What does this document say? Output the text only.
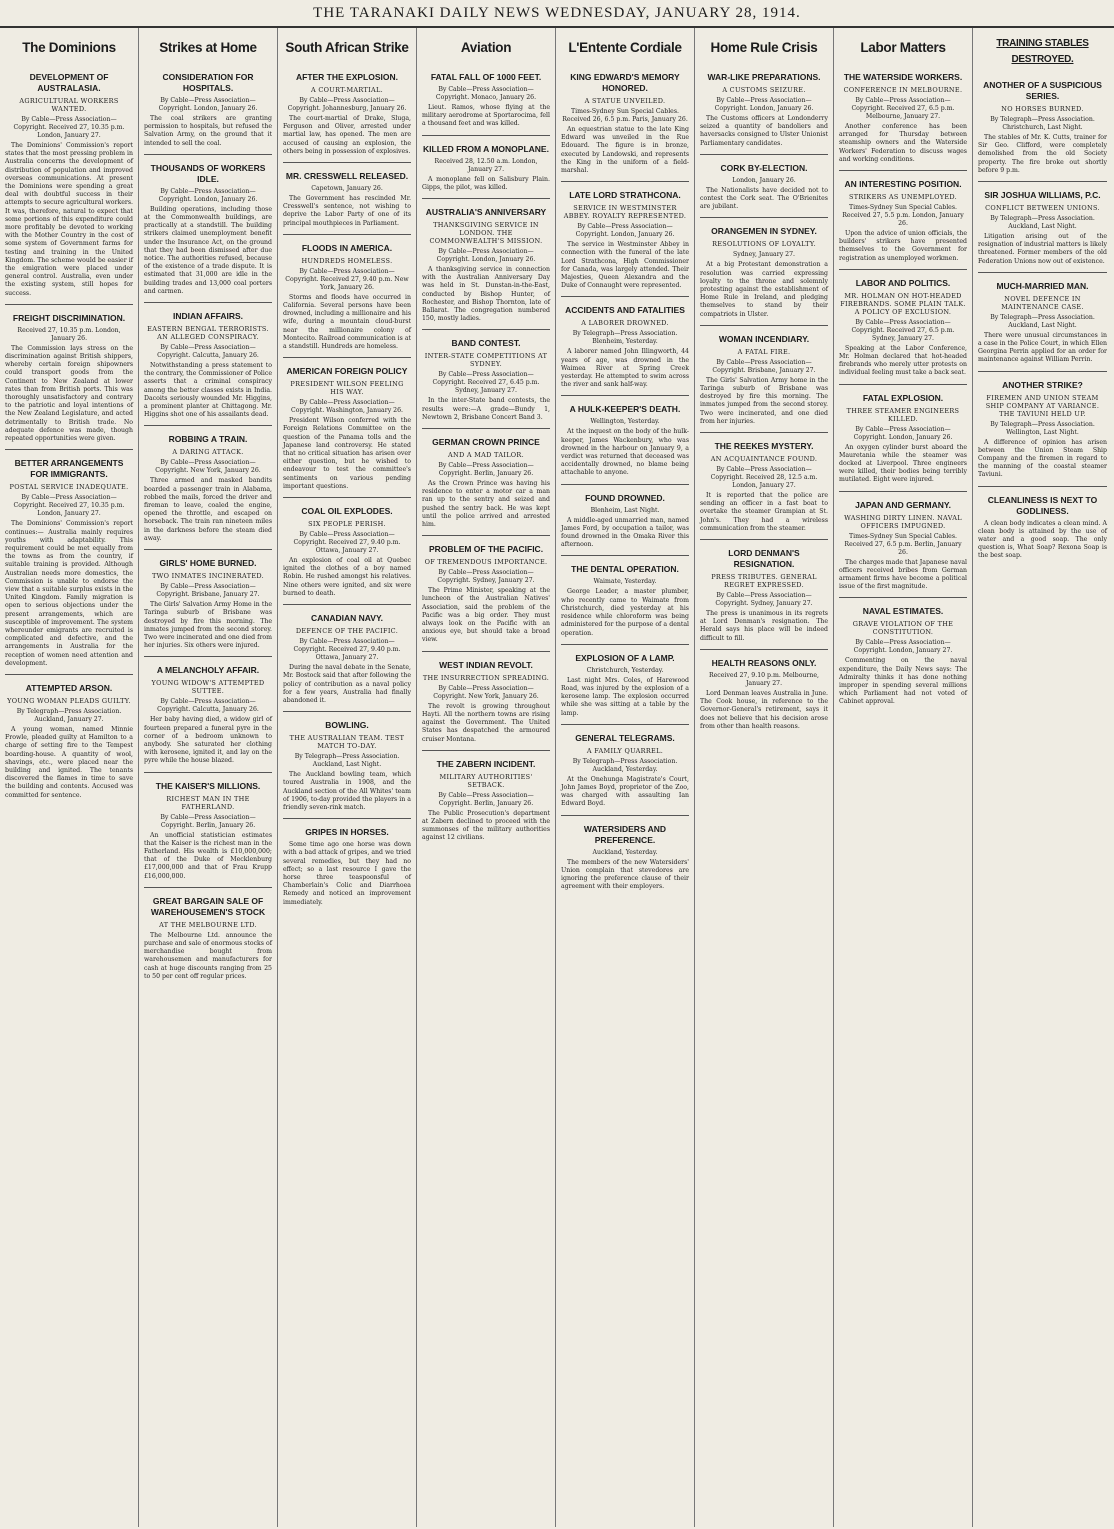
THE TARANAKI DAILY NEWS WEDNESDAY, JANUARY 28, 1914.
The Dominions
DEVELOPMENT OF AUSTRALASIA.
AGRICULTURAL WORKERS WANTED.
By Cable—Press Association—Copyright. Received 27, 10.35 p.m. London, January 27.
The Dominions' Commission's report states that the most pressing problem in Australia concerns the development of distribution of population and improved overseas communications. At present the Dominions were spending a great deal with doubtful success in their attempts to secure agricultural workers. It was, therefore, natural to expect that some portions of this expenditure could more profitably be devoted to working with the Mother Country in the cost of some system of Government farms for testing and training in the United Kingdom. The scheme would be easier if the emigration were placed under general control. Australia, even under the existing system, still hopes for success.
FREIGHT DISCRIMINATION.
Received 27, 10.35 p.m. London, January 26.
The Commission lays stress on the discrimination against British shippers, whereby certain foreign shipowners could transport goods from the Continent to New Zealand at lower rates than from British ports. This was thoroughly unsatisfactory and contrary to the patriotic and loyal intentions of the New Zealand Legislature, and acted detrimentally to British trade. No adequate defence was made, though repeated opportunities were given.
BETTER ARRANGEMENTS FOR IMMIGRANTS.
POSTAL SERVICE INADEQUATE.
By Cable—Press Association—Copyright. Received 27, 10.35 p.m. London, January 27.
The Dominions' Commission's report continues:— Australia mainly requires youths with adaptability. This requirement could be met equally from the towns as from the country, if suitable training is provided. Although Australian needs more domestics, the Commission is unable to endorse the view that a suitable surplus exists in the United Kingdom. Family migration is open to serious objections under the present arrangements, which are susceptible of improvement. The system whereunder emigrants are recruited is complicated and defective, and the arrangements in Australia for the reception of women need attention and development.
ATTEMPTED ARSON.
YOUNG WOMAN PLEADS GUILTY.
By Telegraph—Press Association. Auckland, January 27.
A young woman, named Minnie Frowle, pleaded guilty at Hamilton to a charge of setting fire to the Tempest boarding-house. A quantity of wool, shavings, etc., were placed near the building and ignited. The tenants discovered the flames in time to save the building and contents. Accused was committed for sentence.
Strikes at Home
CONSIDERATION FOR HOSPITALS.
By Cable—Press Association—Copyright. London, January 26.
The coal strikers are granting permission to hospitals, but refused the Salvation Army, on the ground that it intended to sell the coal.
THOUSANDS OF WORKERS IDLE.
By Cable—Press Association—Copyright. London, January 26.
Building operations, including those at the Commonwealth buildings, are practically at a standstill. The building strikers claimed unemployment benefit under the Insurance Act, on the ground that they had been dismissed after due notice. The authorities refused, because of the existence of a trade dispute. It is estimated that 31,000 are idle in the building trades and 13,000 coal porters and carmen.
INDIAN AFFAIRS.
EASTERN BENGAL TERRORISTS. AN ALLEGED CONSPIRACY.
By Cable—Press Association—Copyright. Calcutta, January 26.
Notwithstanding a press statement to the contrary, the Commissioner of Police asserts that a criminal conspiracy among the better classes exists in India. Dacoits seriously wounded Mr. Higgins, a prominent planter at Chittagong. Mr. Higgins shot one of his assailants dead.
ROBBING A TRAIN.
A DARING ATTACK.
By Cable—Press Association—Copyright. New York, January 26.
Three armed and masked bandits boarded a passenger train in Alabama, robbed the mails, forced the driver and fireman to leave, coaled the engine, opened the throttle, and escaped on horseback. The train ran nineteen miles in the darkness before the steam died away.
GIRLS' HOME BURNED.
TWO INMATES INCINERATED.
By Cable—Press Association—Copyright. Brisbane, January 27.
The Girls' Salvation Army Home in the Taringa suburb of Brisbane was destroyed by fire this morning. The inmates jumped from the second storey. Two were incinerated and one died from her injuries. Six others were injured.
A MELANCHOLY AFFAIR.
YOUNG WIDOW'S ATTEMPTED SUTTEE.
By Cable—Press Association—Copyright. Calcutta, January 26.
Her baby having died, a widow girl of fourteen prepared a funeral pyre in the corner of a bedroom unknown to anybody. She saturated her clothing with kerosene, ignited it, and lay on the pyre while the house blazed.
THE KAISER'S MILLIONS.
RICHEST MAN IN THE FATHERLAND.
By Cable—Press Association—Copyright. Berlin, January 26.
An unofficial statistician estimates that the Kaiser is the richest man in the Fatherland. His wealth is £10,000,000; that of the Duke of Mecklenburg £17,000,000 and that of Frau Krupp £16,000,000.
GREAT BARGAIN SALE OF WAREHOUSEMEN'S STOCK
AT THE MELBOURNE LTD.
The Melbourne Ltd. announce the purchase and sale of enormous stocks of merchandise bought from warehousemen and manufacturers for cash at huge discounts ranging from 25 to 50 per cent off regular prices.
South African Strike
AFTER THE EXPLOSION.
A COURT-MARTIAL.
By Cable—Press Association—Copyright. Johannesburg, January 26.
The court-martial of Drake, Sluga, Ferguson and Oliver, arrested under martial law, has opened. The men are accused of causing an explosion, the others being in possession of explosives.
MR. CRESSWELL RELEASED.
Capetown, January 26.
The Government has rescinded Mr. Cresswell's sentence, not wishing to deprive the Labor Party of one of its principal mouthpieces in Parliament.
FLOODS IN AMERICA.
HUNDREDS HOMELESS.
By Cable—Press Association—Copyright. Received 27, 9.40 p.m. New York, January 26.
Storms and floods have occurred in California. Several persons have been drowned, including a millionaire and his wife, during a mountain cloud-burst near the millionaire colony of Montecito. Railroad communication is at a standstill. Hundreds are homeless.
AMERICAN FOREIGN POLICY
PRESIDENT WILSON FEELING HIS WAY.
By Cable—Press Association—Copyright. Washington, January 26.
President Wilson conferred with the Foreign Relations Committee on the question of the Panama tolls and the Japanese land controversy. He stated that no critical situation has arisen over either question, but he wished to endeavour to test the committee's sentiments on various pending important questions.
COAL OIL EXPLODES.
SIX PEOPLE PERISH.
By Cable—Press Association—Copyright. Received 27, 9.40 p.m. Ottawa, January 27.
An explosion of coal oil at Quebec ignited the clothes of a boy named Robin. He rushed amongst his relatives. Nine others were ignited, and six were burned to death.
CANADIAN NAVY.
DEFENCE OF THE PACIFIC.
By Cable—Press Association—Copyright. Received 27, 9.40 p.m. Ottawa, January 27.
During the naval debate in the Senate, Mr. Bostock said that after following the policy of contribution as a naval policy for a few years, Australia had finally abandoned it.
BOWLING.
THE AUSTRALIAN TEAM. TEST MATCH TO-DAY.
By Telegraph—Press Association. Auckland, Last Night.
The Auckland bowling team, which toured Australia in 1908, and the Auckland section of the All Whites' team of 1906, to-day provided the players in a friendly seven-rink match.
GRIPES IN HORSES.
Some time ago one horse was down with a bad attack of gripes, and we tried several remedies, but they had no effect; so a last resource I gave the horse three teaspoonsful of Chamberlain's Colic and Diarrhoea Remedy and noticed an improvement immediately.
Aviation
FATAL FALL OF 1000 FEET.
By Cable—Press Association—Copyright. Monaco, January 26.
Lieut. Ramos, whose flying at the military aerodrome at Sportarocima, fell a thousand feet and was killed.
KILLED FROM A MONOPLANE.
Received 28, 12.50 a.m. London, January 27.
A monoplane fell on Salisbury Plain. Gipps, the pilot, was killed.
AUSTRALIA'S ANNIVERSARY
THANKSGIVING SERVICE IN LONDON. THE COMMONWEALTH'S MISSION.
By Cable—Press Association—Copyright. London, January 26.
A thanksgiving service in connection with the Australian Anniversary Day was held in St. Dunstan-in-the-East, conducted by Bishop Hunter, of Rochester, and Bishop Thornton, late of Ballarat. The congregation numbered 150, mostly ladies.
BAND CONTEST.
INTER-STATE COMPETITIONS AT SYDNEY.
By Cable—Press Association—Copyright. Received 27, 6.45 p.m. Sydney, January 27.
In the inter-State band contests, the results were:—A grade—Bundy 1, Newtown 2, Brisbane Concert Band 3.
GERMAN CROWN PRINCE
AND A MAD TAILOR.
By Cable—Press Association—Copyright. Berlin, January 26.
As the Crown Prince was having his residence to enter a motor car a man ran up to the sentry and seized and pushed the sentry back. He was kept until the police arrived and arrested him.
PROBLEM OF THE PACIFIC.
OF TREMENDOUS IMPORTANCE.
By Cable—Press Association—Copyright. Sydney, January 27.
The Prime Minister, speaking at the luncheon of the Australian Natives' Association, said the problem of the Pacific was a big order. They must always look on the Pacific with an anxious eye, but should take a broad view.
WEST INDIAN REVOLT.
THE INSURRECTION SPREADING.
By Cable—Press Association—Copyright. New York, January 26.
The revolt is growing throughout Hayti. All the northern towns are rising against the Government. The United States has despatched the armoured cruiser Montana.
THE ZABERN INCIDENT.
MILITARY AUTHORITIES' SETBACK.
By Cable—Press Association—Copyright. Berlin, January 26.
The Public Prosecution's department at Zabern declined to proceed with the summonses of the military authorities against 12 civilians.
L'Entente Cordiale
KING EDWARD'S MEMORY HONORED.
A STATUE UNVEILED.
Times-Sydney Sun Special Cables. Received 26, 6.5 p.m. Paris, January 26.
An equestrian statue to the late King Edward was unveiled in the Rue Edouard. The figure is in bronze, executed by Landowski, and represents the King in the uniform of a field-marshal.
LATE LORD STRATHCONA.
SERVICE IN WESTMINSTER ABBEY. ROYALTY REPRESENTED.
By Cable—Press Association—Copyright. London, January 26.
The service in Westminster Abbey in connection with the funeral of the late Lord Strathcona, High Commissioner for Canada, was largely attended. Their Majesties, Queen Alexandra and the Duke of Connaught were represented.
ACCIDENTS AND FATALITIES
A LABORER DROWNED.
By Telegraph—Press Association. Blenheim, Yesterday.
A laborer named John Illingworth, 44 years of age, was drowned in the Waimea River at Spring Creek yesterday. He attempted to swim across the river and sank half-way.
A HULK-KEEPER'S DEATH.
Wellington, Yesterday.
At the inquest on the body of the hulk-keeper, James Wackenbury, who was drowned in the harbour on January 9, a verdict was returned that deceased was accidentally drowned, no blame being attachable to anyone.
FOUND DROWNED.
Blenheim, Last Night.
A middle-aged unmarried man, named James Ford, by occupation a tailor, was found drowned in the Omaka River this afternoon.
THE DENTAL OPERATION.
Waimate, Yesterday.
George Leader, a master plumber, who recently came to Waimate from Christchurch, died yesterday at his residence while chloroform was being administered for the purpose of a dental operation.
EXPLOSION OF A LAMP.
Christchurch, Yesterday.
Last night Mrs. Coles, of Harewood Road, was injured by the explosion of a kerosene lamp. The explosion occurred while she was sitting at a table by the lamp.
GENERAL TELEGRAMS.
A FAMILY QUARREL.
By Telegraph—Press Association. Auckland, Yesterday.
At the Onehunga Magistrate's Court, John James Boyd, proprietor of the Zoo, was charged with assaulting Ian Edward Boyd.
WATERSIDERS AND PREFERENCE.
Auckland, Yesterday.
The members of the new Watersiders' Union complain that stevedores are ignoring the preference clause of their agreement with their employers.
Home Rule Crisis
WAR-LIKE PREPARATIONS.
A CUSTOMS SEIZURE.
By Cable—Press Association—Copyright. London, January 26.
The Customs officers at Londonderry seized a quantity of bandoliers and haversacks consigned to Ulster Unionist Parliamentary candidates.
CORK BY-ELECTION.
London, January 26.
The Nationalists have decided not to contest the Cork seat. The O'Brienites are jubilant.
ORANGEMEN IN SYDNEY.
RESOLUTIONS OF LOYALTY.
Sydney, January 27.
At a big Protestant demonstration a resolution was carried expressing loyalty to the throne and solemnly protesting against the establishment of Home Rule in Ireland, and pledging themselves to stand by their compatriots in Ulster.
WOMAN INCENDIARY.
A FATAL FIRE.
By Cable—Press Association—Copyright. Brisbane, January 27.
The Girls' Salvation Army home in the Taringa suburb of Brisbane was destroyed by fire this morning. The inmates jumped from the second storey. Two were incinerated, and one died from her injuries.
THE REEKES MYSTERY.
AN ACQUAINTANCE FOUND.
By Cable—Press Association—Copyright. Received 28, 12.5 a.m. London, January 27.
It is reported that the police are sending an officer in a fast boat to overtake the steamer Grampian at St. John's. They had a wireless communication from the steamer.
LORD DENMAN'S RESIGNATION.
PRESS TRIBUTES. GENERAL REGRET EXPRESSED.
By Cable—Press Association—Copyright. Sydney, January 27.
The press is unanimous in its regrets at Lord Denman's resignation. The Herald says his place will be indeed difficult to fill.
HEALTH REASONS ONLY.
Received 27, 9.10 p.m. Melbourne, January 27.
Lord Denman leaves Australia in June. The Cook house, in reference to the Governor-General's retirement, says it does not believe that his decision arose from other than health reasons.
Labor Matters
THE WATERSIDE WORKERS.
CONFERENCE IN MELBOURNE.
By Cable—Press Association—Copyright. Received 27, 6.5 p.m. Melbourne, January 27.
Another conference has been arranged for Thursday between steamship owners and the Waterside Workers' Federation to discuss wages and working conditions.
AN INTERESTING POSITION.
STRIKERS AS UNEMPLOYED.
Times-Sydney Sun Special Cables. Received 27, 5.5 p.m. London, January 26.
Upon the advice of union officials, the builders' strikers have presented themselves to the Government for registration as unemployed workmen.
LABOR AND POLITICS.
MR. HOLMAN ON HOT-HEADED FIREBRANDS. SOME PLAIN TALK. A POLICY OF EXCLUSION.
By Cable—Press Association—Copyright. Received 27, 6.5 p.m. Sydney, January 27.
Speaking at the Labor Conference, Mr. Holman declared that hot-headed firebrands who merely utter protests on individual feeling must take a back seat.
FATAL EXPLOSION.
THREE STEAMER ENGINEERS KILLED.
By Cable—Press Association—Copyright. London, January 26.
An oxygen cylinder burst aboard the Mauretania while the steamer was docked at Liverpool. Three engineers were killed, their bodies being terribly mutilated. Eight were injured.
JAPAN AND GERMANY.
WASHING DIRTY LINEN. NAVAL OFFICERS IMPUGNED.
Times-Sydney Sun Special Cables. Received 27, 6.5 p.m. Berlin, January 26.
The charges made that Japanese naval officers received bribes from German armament firms have become a political issue of the first magnitude.
NAVAL ESTIMATES.
GRAVE VIOLATION OF THE CONSTITUTION.
By Cable—Press Association—Copyright. London, January 27.
Commenting on the naval expenditure, the Daily News says: The Admiralty thinks it has done nothing improper in spending several millions which Parliament had not voted of Cabinet approval.
TRAINING STABLES DESTROYED.
ANOTHER OF A SUSPICIOUS SERIES.
NO HORSES BURNED.
By Telegraph—Press Association. Christchurch, Last Night.
The stables of Mr. K. Cutts, trainer for Sir Geo. Clifford, were completely demolished from the old Society property. The fire broke out shortly before 9 p.m.
SIR JOSHUA WILLIAMS, P.C.
CONFLICT BETWEEN UNIONS.
By Telegraph—Press Association. Auckland, Last Night.
Litigation arising out of the resignation of industrial matters is likely threatened. Former members of the old Federation Unions now out of existence.
MUCH-MARRIED MAN.
NOVEL DEFENCE IN MAINTENANCE CASE.
By Telegraph—Press Association. Auckland, Last Night.
There were unusual circumstances in a case in the Police Court, in which Ellen Georgina Perrin applied for an order for maintenance against William Perrin.
ANOTHER STRIKE?
FIREMEN AND UNION STEAM SHIP COMPANY AT VARIANCE. THE TAVIUNI HELD UP.
By Telegraph—Press Association. Wellington, Last Night.
A difference of opinion has arisen between the Union Steam Ship Company and the firemen in regard to the manning of the coastal steamer Taviuni.
CLEANLINESS IS NEXT TO GODLINESS.
A clean body indicates a clean mind. A clean body is attained by the use of water and a good soap. The only question is, What Soap? Rexona Soap is the best soap.
